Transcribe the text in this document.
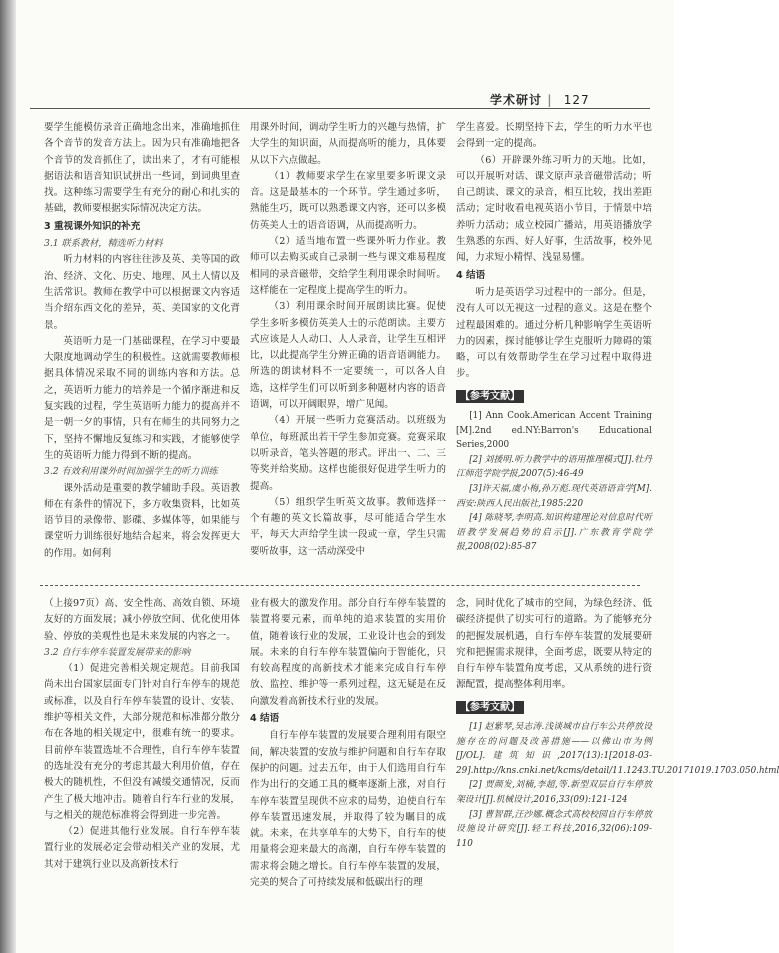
学术研讨 | 127

要学生能模仿录音正确地念出来，准确地抓住各个音节的发音方法上。因为只有准确地把各个音节的发音抓住了，读出来了，才有可能根据语法和语音知识试拼出一些词，到词典里查找。这种练习需要学生有充分的耐心和扎实的基础，教师要根据实际情况决定方法。

3 重视课外知识的补充
3.1 联系教材，精选听力材料

听力材料的内容往往涉及英、美等国的政治、经济、文化、历史、地理、风土人情以及生活常识。教师在教学中可以根据课文内容适当介绍东西文化的差异，英、美国家的文化背景。

英语听力是一门基础课程，在学习中要最大限度地调动学生的积极性。这就需要教师根据具体情况采取不同的训练内容和方法。总之，英语听力能力的培养是一个循序渐进和反复实践的过程，学生英语听力能力的提高并不是一朝一夕的事情，只有在师生的共同努力之下，坚持不懈地反复练习和实践，才能够使学生的英语听力能力得到不断的提高。

3.2 有效利用课外时间加强学生的听力训练

课外活动是重要的教学辅助手段。英语教师在有条件的情况下，多方收集资料，比如英语节目的录像带、影碟、多媒体等，如果能与课堂听力训练很好地结合起来，将会发挥更大的作用。如何利

用课外时间，调动学生听力的兴趣与热情，扩大学生的知识面，从而提高听的能力，具体要从以下六点做起。

（1）教师要求学生在家里要多听课文录音。这是最基本的一个环节。学生通过多听，熟能生巧，既可以熟悉课文内容，还可以多模仿英美人士的语音语调，从而提高听力。

（2）适当地布置一些课外听力作业。教师可以去购买或自己录制一些与课文难易程度相同的录音磁带，交给学生利用课余时间听。这样能在一定程度上提高学生的听力。

（3）利用课余时间开展朗读比赛。促使学生多听多模仿英美人士的示范朗读。主要方式应该是人人动口、人人录音，让学生互相评比，以此提高学生分辨正确的语音语调能力。所选的朗读材料不一定要统一，可以各人自选，这样学生们可以听到多种题材内容的语音语调，可以开阔眼界，增广见闻。

（4）开展一些听力竞赛活动。以班级为单位，每班派出若干学生参加竞赛。竞赛采取以听录音，笔头答题的形式。评出一、二、三等奖并给奖励。这样也能很好促进学生听力的提高。

（5）组织学生听英文故事。教师选择一个有趣的英文长篇故事，尽可能适合学生水平，每天大声给学生读一段或一章，学生只需要听故事，这一活动深受中

学生喜爱。长期坚持下去，学生的听力水平也会得到一定的提高。

（6）开辟课外练习听力的天地。比如，可以开展听对话、课文原声录音磁带活动；听自己朗读、课文的录音，相互比较，找出差距活动；定时收看电视英语小节目，于情景中培养听力活动；成立校园广播站，用英语播放学生熟悉的东西、好人好事，生活故事，校外见闻，力求短小精悍、浅显易懂。

4 结语

听力是英语学习过程中的一部分。但是，没有人可以无视这一过程的意义。这是在整个过程最困难的。通过分析几种影响学生英语听力的因素，探讨能够让学生克服听力障碍的策略，可以有效帮助学生在学习过程中取得进步。

【参考文献】
[1] Ann Cook.American Accent Training [M].2nd ed.NY:Barron's Educational Series,2000
[2] 刘援明.听力教学中的语用推理模式[J].牡丹江师范学院学报,2007(5):46-49
[3]许天福,虞小梅,孙万彪.现代英语语音学[M].西安:陕西人民出版社,1985:220
[4] 陈晓琴,李明高.知识构建理论对信息时代听语教学发展趋势的启示[J].广东教育学院学报,2008(02):85-87

（上接97页）高、安全性高、高效自锁、环境友好的方面发展；减小停放空间、优化使用体验、停放的美观性也是未来发展的内容之一。

3.2 自行车停车装置发展带来的影响

（1）促进完善相关规定规范。目前我国尚未出台国家层面专门针对自行车停车的规范或标准，以及自行车停车装置的设计、安装、维护等相关文件，大部分规范和标准都分散分布在各地的相关规定中，很难有统一的要求。目前停车装置选址不合理性，自行车停车装置的选址没有充分的考虑其最大利用价值，存在极大的随机性，不但没有减缓交通情况，反而产生了极大地冲击。随着自行车行业的发展，与之相关的规范标准将会得到进一步完善。

（2）促进其他行业发展。自行车停车装置行业的发展必定会带动相关产业的发展，尤其对于建筑行业以及高新技术行

业有极大的激发作用。部分自行车停车装置的装置将要元素，而单纯的追求装置的实用价值，随着该行业的发展，工业设计也会的到发展。未来的自行车停车装置偏向于智能化，只有较高程度的高新技术才能来完成自行车停放、监控、维护等一系列过程，这无疑是在反向激发着高新技术行业的发展。

4 结语

自行车停车装置的发展要合理利用有限空间，解决装置的安放与维护问题和自行车存取保护的问题。过去五年，由于人们选用自行车作为出行的交通工具的概率逐渐上涨，对自行车停车装置呈现供不应求的局势，迫使自行车停车装置迅速发展，并取得了较为瞩目的成就。未来，在共享单车的大势下，自行车的使用量将会迎来最大的高潮，自行车停车装置的需求将会随之增长。自行车停车装置的发展，完美的契合了可持续发展和低碳出行的理

念，同时优化了城市的空间，为绿色经济、低碳经济提供了切实可行的道路。为了能够充分的把握发展机遇，自行车停车装置的发展要研究和把握需求规律，全面考虑，既要从特定的自行车停车装置角度考虑，又从系统的进行资源配置，提高整体利用率。

【参考文献】
[1] 赵紫琴,吴志涛.浅谈城市自行车公共停放设施存在的问题及改善措施——以佛山市为例[J/OL].建筑知识,2017(13):1[2018-03-29].http://kns.cnki.net/kcms/detail/11.1243.TU.20171019.1703.050.html
[2] 贾颜发,刘楠,李超,等.新型双层自行车停放架设计[J].机械设计,2016,33(09):121-124
[3] 曹智群,汪沙娜.概念式高校校园自行车停放设施设计研究[J].轻工科技,2016,32(06):109-110
